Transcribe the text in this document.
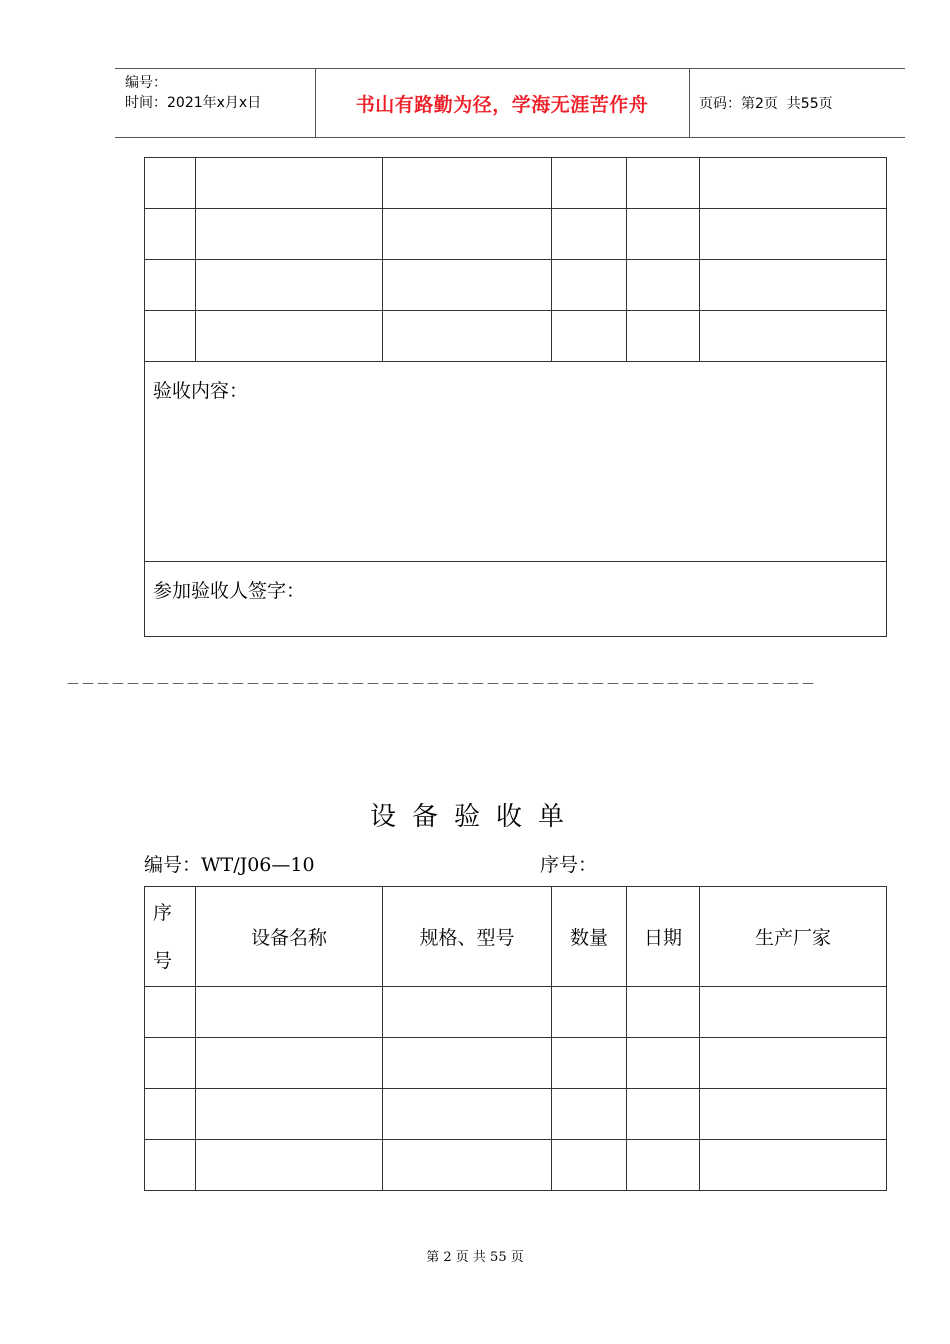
编号：
时间：2021年x月x日	书山有路勤为径，学海无涯苦作舟	页码：第2页  共55页

验收内容：					
参加验收人签字：					
－－－－－－－－－－－－－－－－－－－－－－－－－－－－－－－－－－－－－－－－－－－－－－－－－－
设备验收单
编号：WT/J06—10	序号：
序
号	设备名称	规格、型号	数量	日期	生产厂家

第 2 页 共 55 页
